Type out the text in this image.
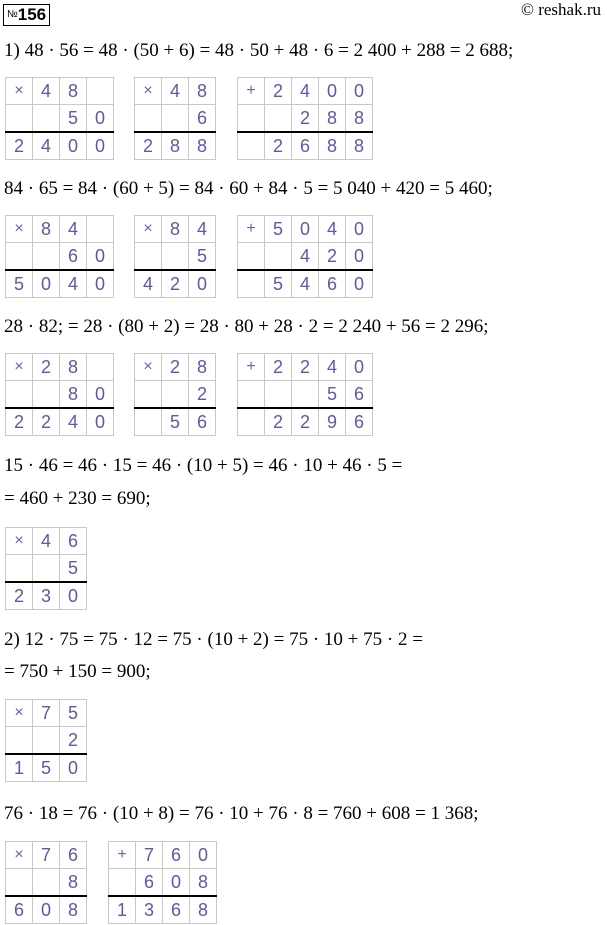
№156	© reshak.ru
1) 48 · 56 = 48 · (50 + 6) = 48 · 50 + 48 · 6 = 2 400 + 288 = 2 688;
84 · 65 = 84 · (60 + 5) = 84 · 60 + 84 · 5 = 5 040 + 420 = 5 460;
28 · 82; = 28 · (80 + 2) = 28 · 80 + 28 · 2 = 2 240 + 56 = 2 296;
15 · 46 = 46 · 15 = 46 · (10 + 5) = 46 · 10 + 46 · 5 =
= 460 + 230 = 690;
2) 12 · 75 = 75 · 12 = 75 · (10 + 2) = 75 · 10 + 75 · 2 =
= 750 + 150 = 900;
76 · 18 = 76 · (10 + 8) = 76 · 10 + 76 · 8 = 760 + 608 = 1 368;
×	4	8	
		5	0
2	4	0	0
×	4	8
		6
2	8	8
+	2	4	0	0
		2	8	8
	2	6	8	8
×	8	4	
		6	0
5	0	4	0
×	8	4
		5
4	2	0
+	5	0	4	0
		4	2	0
	5	4	6	0
×	2	8	
		8	0
2	2	4	0
×	2	8
		2
	5	6
+	2	2	4	0
			5	6
	2	2	9	6
×	4	6
		5
2	3	0
×	7	5
		2
1	5	0
×	7	6
		8
6	0	8
+	7	6	0
	6	0	8
1	3	6	8
